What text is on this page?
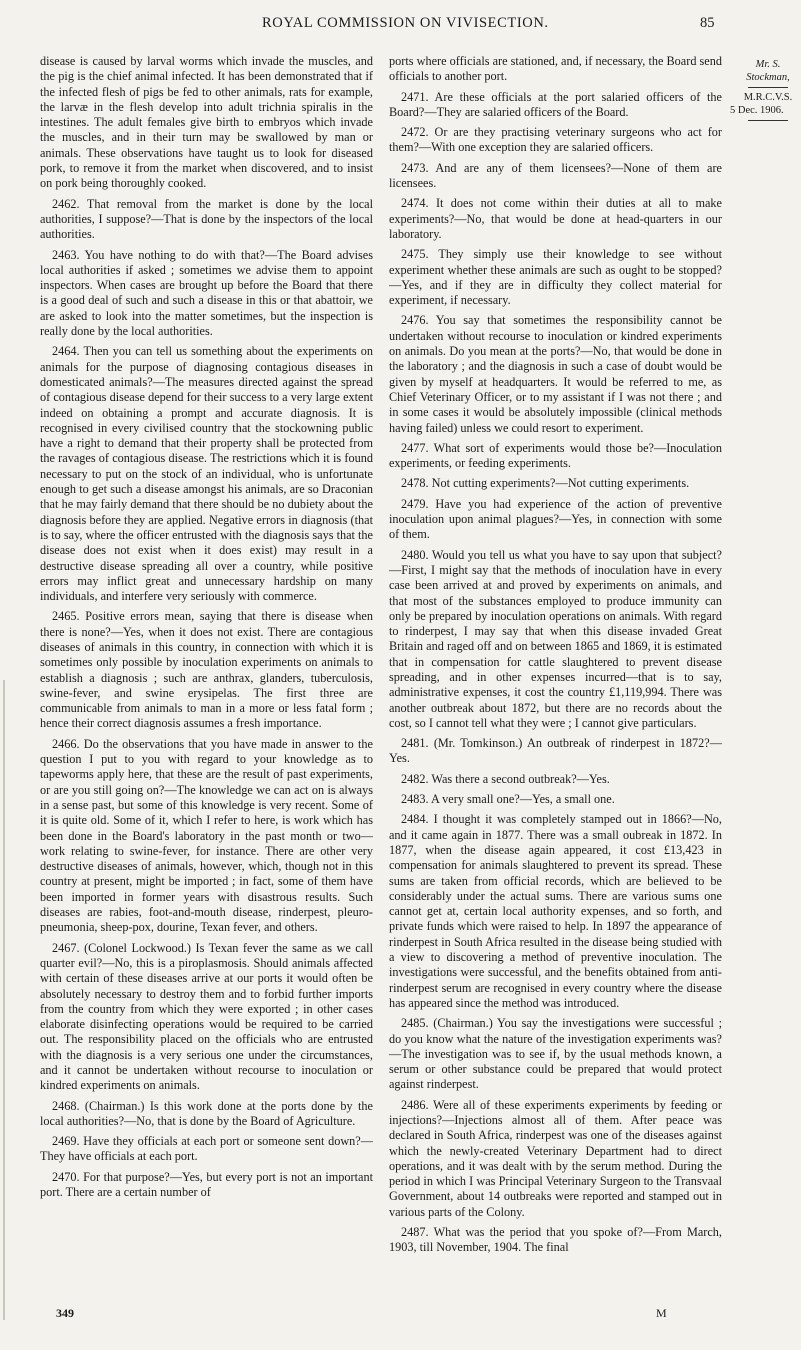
ROYAL COMMISSION ON VIVISECTION.	85

disease is caused by larval worms which invade the muscles, and the pig is the chief animal infected. It has been demonstrated that if the infected flesh of pigs be fed to other animals, rats for example, the larvæ in the flesh develop into adult trichnia spiralis in the intestines. The adult females give birth to embryos which invade the muscles, and in their turn may be swallowed by man or animals. These observations have taught us to look for diseased pork, to remove it from the market when discovered, and to insist on pork being thoroughly cooked.

2462. That removal from the market is done by the local authorities, I suppose?—That is done by the inspectors of the local authorities.

2463. You have nothing to do with that?—The Board advises local authorities if asked ; sometimes we advise them to appoint inspectors. When cases are brought up before the Board that there is a good deal of such and such a disease in this or that abattoir, we are asked to look into the matter sometimes, but the inspection is really done by the local authorities.

2464. Then you can tell us something about the experiments on animals for the purpose of diagnosing contagious diseases in domesticated animals?—The measures directed against the spread of contagious disease depend for their success to a very large extent indeed on obtaining a prompt and accurate diagnosis. It is recognised in every civilised country that the stockowning public have a right to demand that their property shall be protected from the ravages of contagious disease. The restrictions which it is found necessary to put on the stock of an individual, who is unfortunate enough to get such a disease amongst his animals, are so Draconian that he may fairly demand that there should be no dubiety about the diagnosis before they are applied. Negative errors in diagnosis (that is to say, where the officer entrusted with the diagnosis says that the disease does not exist when it does exist) may result in a destructive disease spreading all over a country, while positive errors may inflict great and unnecessary hardship on many individuals, and interfere very seriously with commerce.

2465. Positive errors mean, saying that there is disease when there is none?—Yes, when it does not exist. There are contagious diseases of animals in this country, in connection with which it is sometimes only possible by inoculation experiments on animals to establish a diagnosis ; such are anthrax, glanders, tuberculosis, swine-fever, and swine erysipelas. The first three are communicable from animals to man in a more or less fatal form ; hence their correct diagnosis assumes a fresh importance.

2466. Do the observations that you have made in answer to the question I put to you with regard to your knowledge as to tapeworms apply here, that these are the result of past experiments, or are you still going on?—The knowledge we can act on is always in a sense past, but some of this knowledge is very recent. Some of it is quite old. Some of it, which I refer to here, is work which has been done in the Board's laboratory in the past month or two—work relating to swine-fever, for instance. There are other very destructive diseases of animals, however, which, though not in this country at present, might be imported ; in fact, some of them have been imported in former years with disastrous results. Such diseases are rabies, foot-and-mouth disease, rinderpest, pleuro-pneumonia, sheep-pox, dourine, Texan fever, and others.

2467. (Colonel Lockwood.) Is Texan fever the same as we call quarter evil?—No, this is a piroplasmosis. Should animals affected with certain of these diseases arrive at our ports it would often be absolutely necessary to destroy them and to forbid further imports from the country from which they were exported ; in other cases elaborate disinfecting operations would be required to be carried out. The responsibility placed on the officials who are entrusted with the diagnosis is a very serious one under the circumstances, and it cannot be undertaken without recourse to inoculation or kindred experiments on animals.

2468. (Chairman.) Is this work done at the ports done by the local authorities?—No, that is done by the Board of Agriculture.

2469. Have they officials at each port or someone sent down?—They have officials at each port.

2470. For that purpose?—Yes, but every port is not an important port. There are a certain number of

ports where officials are stationed, and, if necessary, the Board send officials to another port.

2471. Are these officials at the port salaried officers of the Board?—They are salaried officers of the Board.

2472. Or are they practising veterinary surgeons who act for them?—With one exception they are salaried officers.

2473. And are any of them licensees?—None of them are licensees.

2474. It does not come within their duties at all to make experiments?—No, that would be done at head-quarters in our laboratory.

2475. They simply use their knowledge to see without experiment whether these animals are such as ought to be stopped?—Yes, and if they are in difficulty they collect material for experiment, if necessary.

2476. You say that sometimes the responsibility cannot be undertaken without recourse to inoculation or kindred experiments on animals. Do you mean at the ports?—No, that would be done in the laboratory ; and the diagnosis in such a case of doubt would be given by myself at headquarters. It would be referred to me, as Chief Veterinary Officer, or to my assistant if I was not there ; and in some cases it would be absolutely impossible (clinical methods having failed) unless we could resort to experiment.

2477. What sort of experiments would those be?—Inoculation experiments, or feeding experiments.

2478. Not cutting experiments?—Not cutting experiments.

2479. Have you had experience of the action of preventive inoculation upon animal plagues?—Yes, in connection with some of them.

2480. Would you tell us what you have to say upon that subject?—First, I might say that the methods of inoculation have in every case been arrived at and proved by experiments on animals, and that most of the substances employed to produce immunity can only be prepared by inoculation operations on animals. With regard to rinderpest, I may say that when this disease invaded Great Britain and raged off and on between 1865 and 1869, it is estimated that in compensation for cattle slaughtered to prevent disease spreading, and in other expenses incurred—that is to say, administrative expenses, it cost the country £1,119,994. There was another outbreak about 1872, but there are no records about the cost, so I cannot tell what they were ; I cannot give particulars.

2481. (Mr. Tomkinson.) An outbreak of rinderpest in 1872?—Yes.

2482. Was there a second outbreak?—Yes.

2483. A very small one?—Yes, a small one.

2484. I thought it was completely stamped out in 1866?—No, and it came again in 1877. There was a small oubreak in 1872. In 1877, when the disease again appeared, it cost £13,423 in compensation for animals slaughtered to prevent its spread. These sums are taken from official records, which are believed to be considerably under the actual sums. There are various sums one cannot get at, certain local authority expenses, and so forth, and private funds which were raised to help. In 1897 the appearance of rinderpest in South Africa resulted in the disease being studied with a view to discovering a method of preventive inoculation. The investigations were successful, and the benefits obtained from anti-rinderpest serum are recognised in every country where the disease has appeared since the method was introduced.

2485. (Chairman.) You say the investigations were successful ; do you know what the nature of the investigation experiments was?—The investigation was to see if, by the usual methods known, a serum or other substance could be prepared that would protect against rinderpest.

2486. Were all of these experiments experiments by feeding or injections?—Injections almost all of them. After peace was declared in South Africa, rinderpest was one of the diseases against which the newly-created Veterinary Department had to direct operations, and it was dealt with by the serum method. During the period in which I was Principal Veterinary Surgeon to the Transvaal Government, about 14 outbreaks were reported and stamped out in various parts of the Colony.

2487. What was the period that you spoke of?—From March, 1903, till November, 1904. The final

Mr. S.
Stockman,
M.R.C.V.S.
5 Dec. 1906.
349	M
